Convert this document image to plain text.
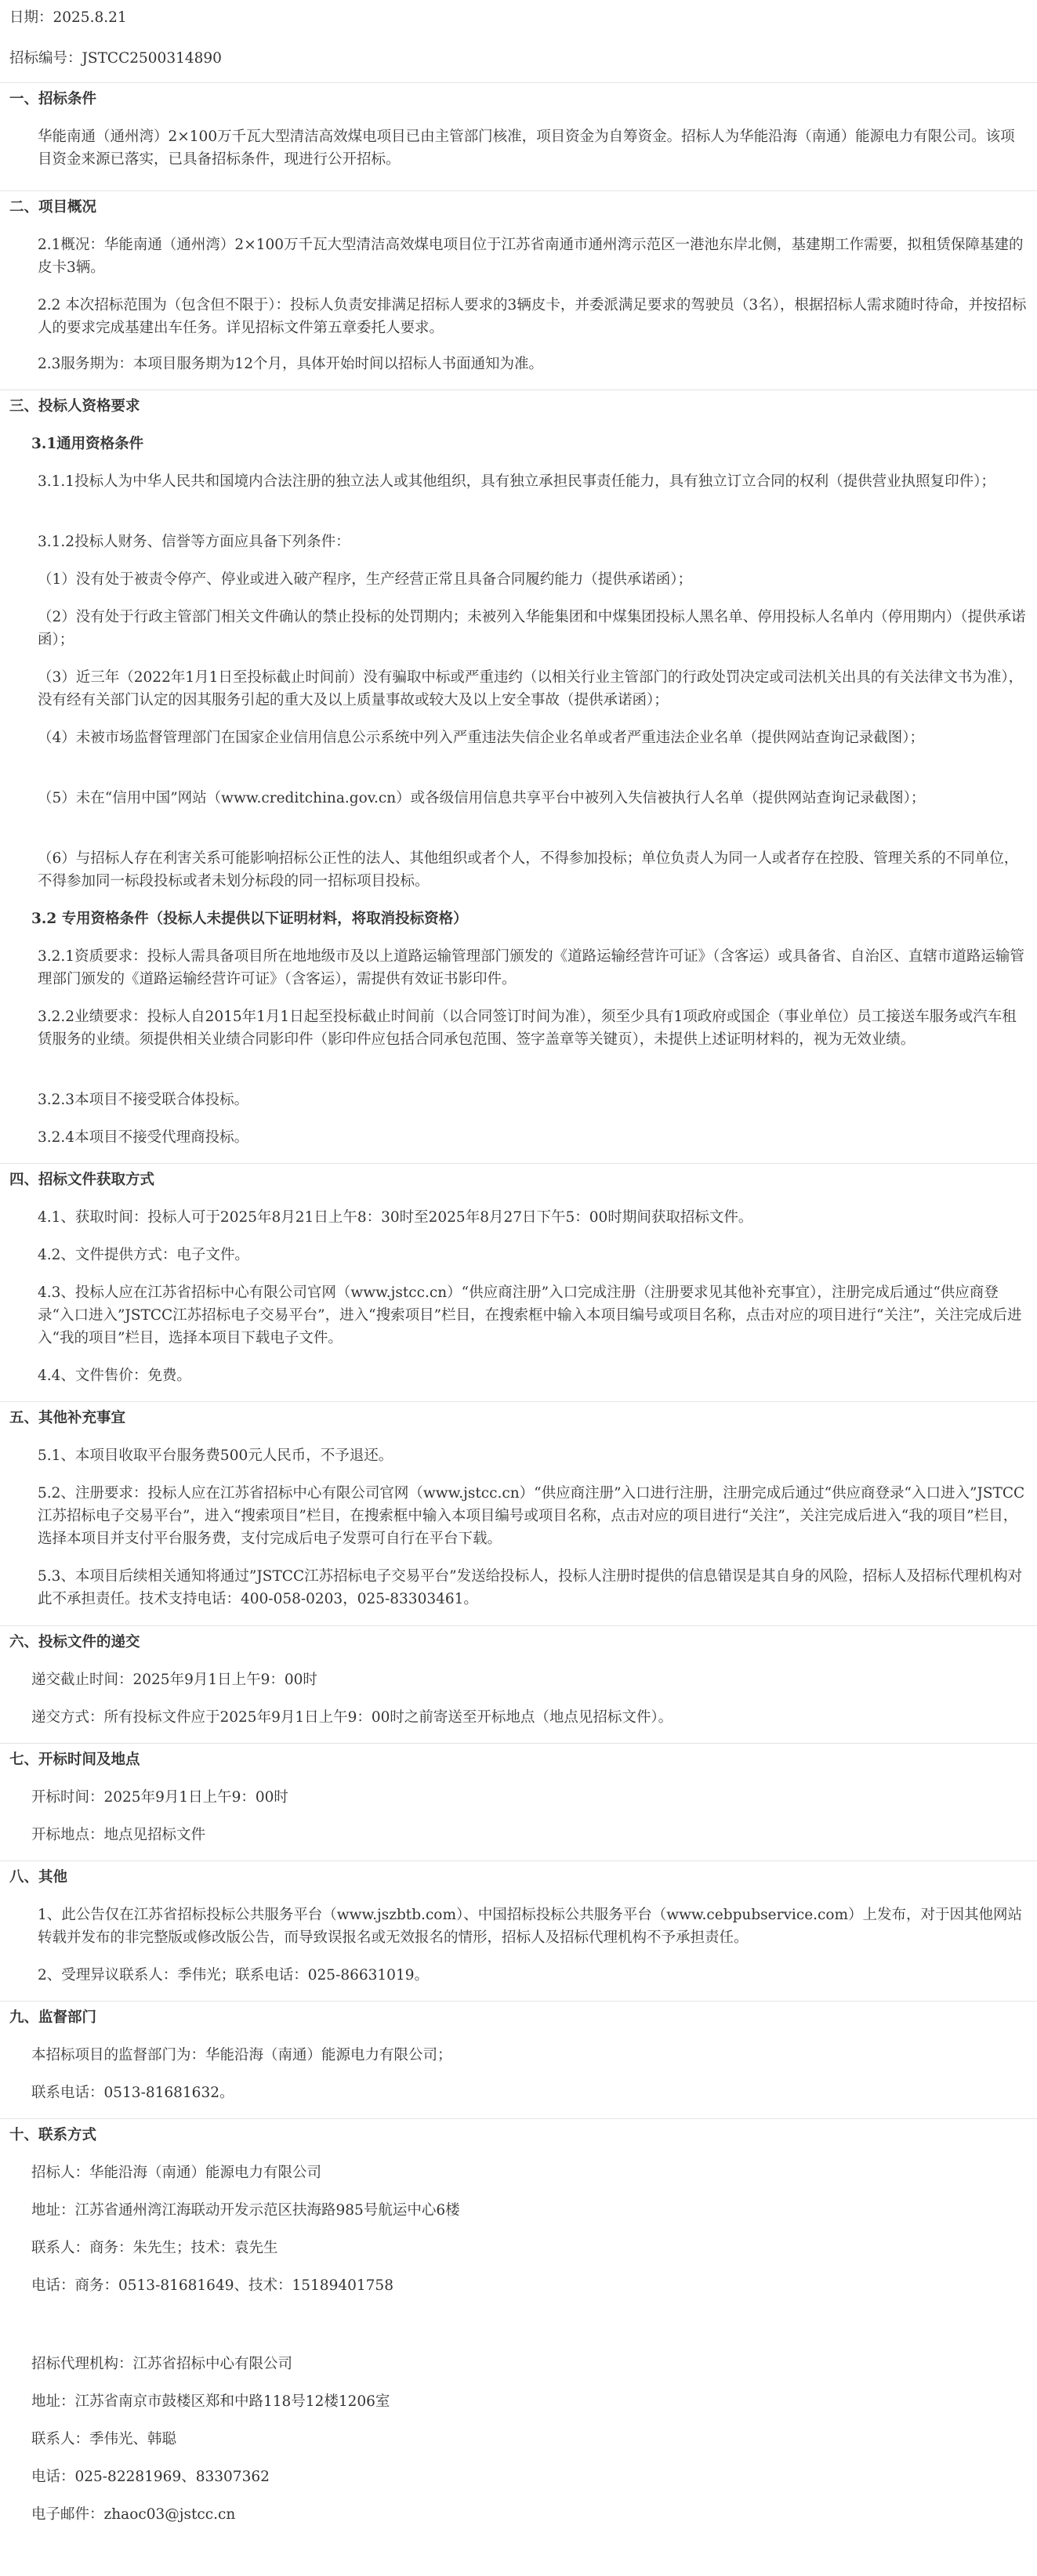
日期：2025.8.21

招标编号：JSTCC2500314890

一、招标条件

华能南通（通州湾）2×100万千瓦大型清洁高效煤电项目已由主管部门核准，项目资金为自筹资金。招标人为华能沿海（南通）能源电力有限公司。该项目资金来源已落实，已具备招标条件，现进行公开招标。

二、项目概况

2.1概况：华能南通（通州湾）2×100万千瓦大型清洁高效煤电项目位于江苏省南通市通州湾示范区一港池东岸北侧，基建期工作需要，拟租赁保障基建的皮卡3辆。

2.2 本次招标范围为（包含但不限于）：投标人负责安排满足招标人要求的3辆皮卡，并委派满足要求的驾驶员（3名），根据招标人需求随时待命，并按招标人的要求完成基建出车任务。详见招标文件第五章委托人要求。

2.3服务期为：本项目服务期为12个月，具体开始时间以招标人书面通知为准。

三、投标人资格要求

3.1通用资格条件

3.1.1投标人为中华人民共和国境内合法注册的独立法人或其他组织，具有独立承担民事责任能力，具有独立订立合同的权利（提供营业执照复印件）；

3.1.2投标人财务、信誉等方面应具备下列条件：

（1）没有处于被责令停产、停业或进入破产程序，生产经营正常且具备合同履约能力（提供承诺函）；

（2）没有处于行政主管部门相关文件确认的禁止投标的处罚期内；未被列入华能集团和中煤集团投标人黑名单、停用投标人名单内（停用期内）（提供承诺函）；

（3）近三年（2022年1月1日至投标截止时间前）没有骗取中标或严重违约（以相关行业主管部门的行政处罚决定或司法机关出具的有关法律文书为准），没有经有关部门认定的因其服务引起的重大及以上质量事故或较大及以上安全事故（提供承诺函）；

（4）未被市场监督管理部门在国家企业信用信息公示系统中列入严重违法失信企业名单或者严重违法企业名单（提供网站查询记录截图）；

（5）未在“信用中国”网站（www.creditchina.gov.cn）或各级信用信息共享平台中被列入失信被执行人名单（提供网站查询记录截图）；

（6）与招标人存在利害关系可能影响招标公正性的法人、其他组织或者个人，不得参加投标；单位负责人为同一人或者存在控股、管理关系的不同单位，不得参加同一标段投标或者未划分标段的同一招标项目投标。

3.2 专用资格条件（投标人未提供以下证明材料，将取消投标资格）

3.2.1资质要求：投标人需具备项目所在地地级市及以上道路运输管理部门颁发的《道路运输经营许可证》（含客运）或具备省、自治区、直辖市道路运输管理部门颁发的《道路运输经营许可证》（含客运），需提供有效证书影印件。

3.2.2业绩要求：投标人自2015年1月1日起至投标截止时间前（以合同签订时间为准），须至少具有1项政府或国企（事业单位）员工接送车服务或汽车租赁服务的业绩。须提供相关业绩合同影印件（影印件应包括合同承包范围、签字盖章等关键页），未提供上述证明材料的，视为无效业绩。

3.2.3本项目不接受联合体投标。

3.2.4本项目不接受代理商投标。

四、招标文件获取方式

4.1、获取时间：投标人可于2025年8月21日上午8：30时至2025年8月27日下午5：00时期间获取招标文件。

4.2、文件提供方式：电子文件。

4.3、投标人应在江苏省招标中心有限公司官网（www.jstcc.cn）“供应商注册”入口完成注册（注册要求见其他补充事宜），注册完成后通过“供应商登录“入口进入”JSTCC江苏招标电子交易平台”，进入“搜索项目”栏目，在搜索框中输入本项目编号或项目名称，点击对应的项目进行“关注”，关注完成后进入“我的项目”栏目，选择本项目下载电子文件。

4.4、文件售价：免费。

五、其他补充事宜

5.1、本项目收取平台服务费500元人民币，不予退还。

5.2、注册要求：投标人应在江苏省招标中心有限公司官网（www.jstcc.cn）“供应商注册”入口进行注册，注册完成后通过“供应商登录“入口进入”JSTCC江苏招标电子交易平台”，进入“搜索项目”栏目，在搜索框中输入本项目编号或项目名称，点击对应的项目进行“关注”，关注完成后进入“我的项目”栏目，选择本项目并支付平台服务费，支付完成后电子发票可自行在平台下载。

5.3、本项目后续相关通知将通过”JSTCC江苏招标电子交易平台”发送给投标人，投标人注册时提供的信息错误是其自身的风险，招标人及招标代理机构对此不承担责任。技术支持电话：400-058-0203，025-83303461。

六、投标文件的递交

递交截止时间：2025年9月1日上午9：00时

递交方式：所有投标文件应于2025年9月1日上午9：00时之前寄送至开标地点（地点见招标文件）。

七、开标时间及地点

开标时间：2025年9月1日上午9：00时

开标地点：地点见招标文件

八、其他

1、此公告仅在江苏省招标投标公共服务平台（www.jszbtb.com）、中国招标投标公共服务平台（www.cebpubservice.com）上发布，对于因其他网站转载并发布的非完整版或修改版公告，而导致误报名或无效报名的情形，招标人及招标代理机构不予承担责任。

2、受理异议联系人：季伟光；联系电话：025-86631019。

九、监督部门

本招标项目的监督部门为：华能沿海（南通）能源电力有限公司；

联系电话：0513-81681632。

十、联系方式

招标人：华能沿海（南通）能源电力有限公司

地址：江苏省通州湾江海联动开发示范区扶海路985号航运中心6楼

联系人：商务：朱先生；技术：袁先生

电话：商务：0513-81681649、技术：15189401758

招标代理机构：江苏省招标中心有限公司

地址：江苏省南京市鼓楼区郑和中路118号12楼1206室

联系人：季伟光、韩聪

电话：025-82281969、83307362

电子邮件：zhaoc03@jstcc.cn
